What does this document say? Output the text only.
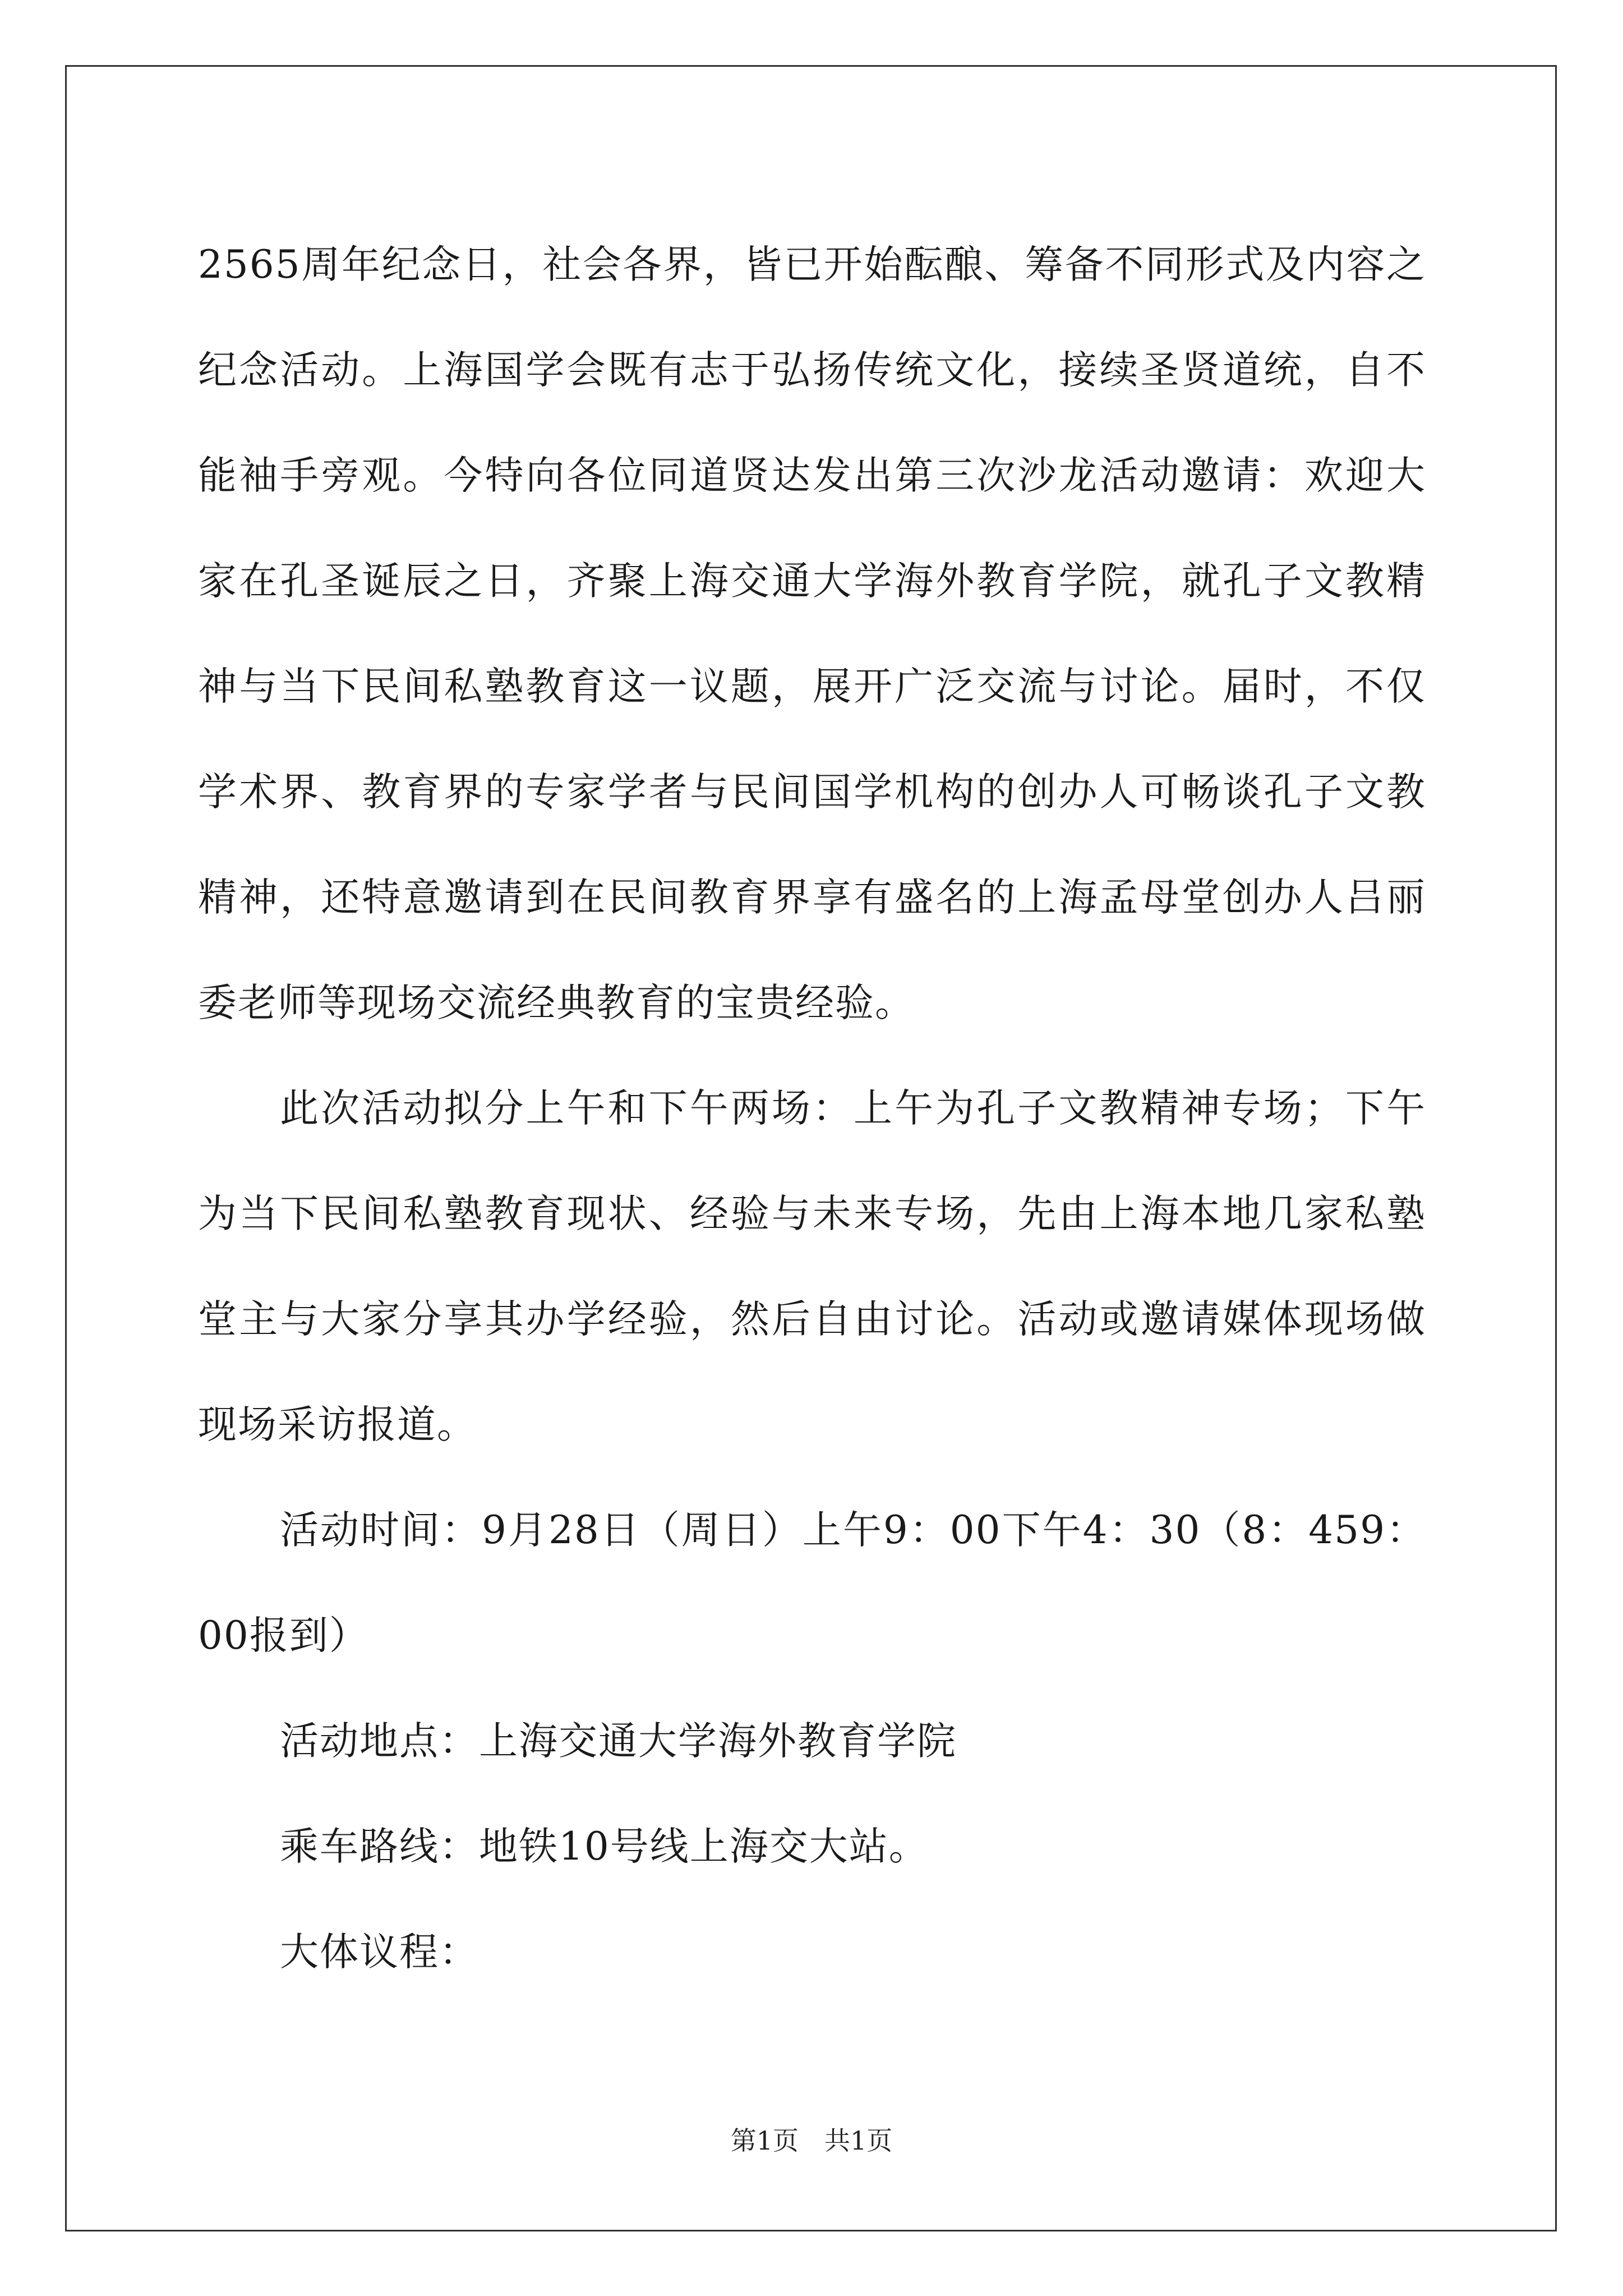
2565周年纪念日，社会各界，皆已开始酝酿、筹备不同形式及内容之纪念活动。上海国学会既有志于弘扬传统文化，接续圣贤道统，自不能袖手旁观。今特向各位同道贤达发出第三次沙龙活动邀请：欢迎大家在孔圣诞辰之日，齐聚上海交通大学海外教育学院，就孔子文教精神与当下民间私塾教育这一议题，展开广泛交流与讨论。届时，不仅学术界、教育界的专家学者与民间国学机构的创办人可畅谈孔子文教精神，还特意邀请到在民间教育界享有盛名的上海孟母堂创办人吕丽委老师等现场交流经典教育的宝贵经验。

此次活动拟分上午和下午两场：上午为孔子文教精神专场；下午为当下民间私塾教育现状、经验与未来专场，先由上海本地几家私塾堂主与大家分享其办学经验，然后自由讨论。活动或邀请媒体现场做现场采访报道。

活动时间：9月28日（周日）上午9：00下午4：30（8：459：00报到）

活动地点：上海交通大学海外教育学院

乘车路线：地铁10号线上海交大站。

大体议程：

第1页　共1页
